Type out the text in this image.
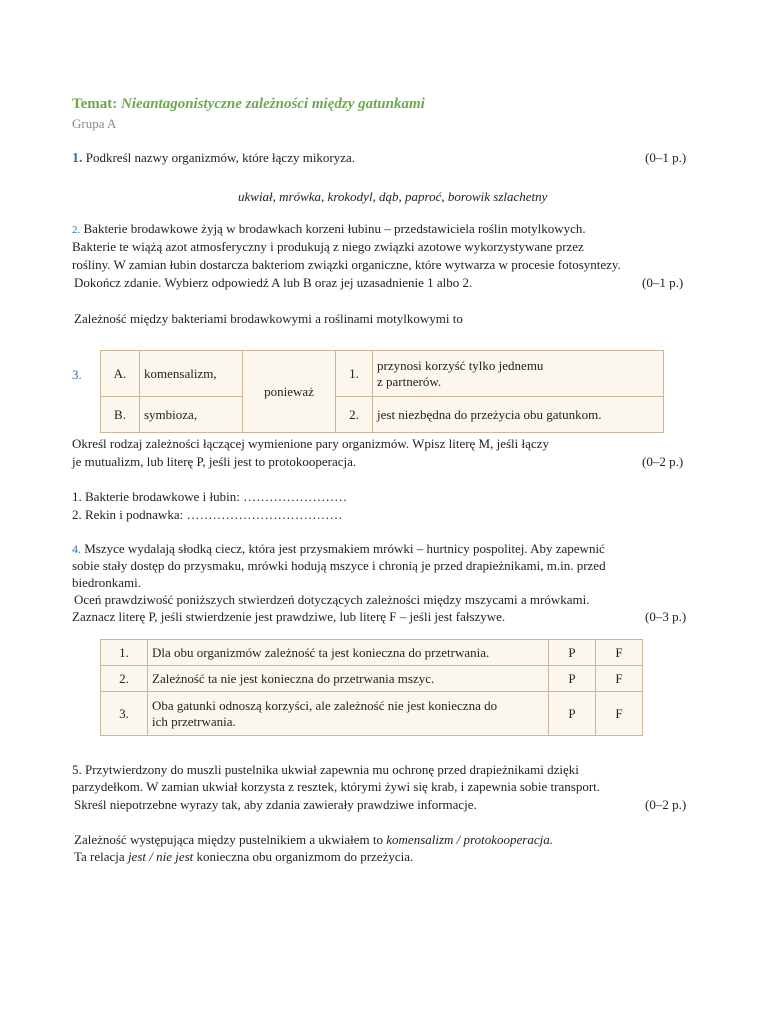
Temat: Nieantagonistyczne zależności między gatunkami
Grupa A
1. Podkreśl nazwy organizmów, które łączy mikoryza.	(0–1 p.)
ukwiał, mrówka, krokodyl, dąb, paproć, borowik szlachetny
2. Bakterie brodawkowe żyją w brodawkach korzeni łubinu – przedstawiciela roślin motylkowych.
Bakterie te wiążą azot atmosferyczny i produkują z niego związki azotowe wykorzystywane przez
rośliny. W zamian łubin dostarcza bakteriom związki organiczne, które wytwarza w procesie fotosyntezy.
Dokończ zdanie. Wybierz odpowiedź A lub B oraz jej uzasadnienie 1 albo 2.	(0–1 p.)
Zależność między bakteriami brodawkowymi a roślinami motylkowymi to
3. A.	komensalizm,	ponieważ	1.	przynosi korzyść tylko jednemu
z partnerów.

B.	symbioza,		2.	jest niezbędna do przeżycia obu gatunkom.
Określ rodzaj zależności łączącej wymienione pary organizmów. Wpisz literę M, jeśli łączy
je mutualizm, lub literę P, jeśli jest to protokooperacja.	(0–2 p.)
1. Bakterie brodawkowe i łubin: ……………………
2. Rekin i podnawka: ………………………………
4. Mszyce wydalają słodką ciecz, która jest przysmakiem mrówki – hurtnicy pospolitej. Aby zapewnić
sobie stały dostęp do przysmaku, mrówki hodują mszyce i chronią je przed drapieżnikami, m.in. przed
biedronkami.
Oceń prawdziwość poniższych stwierdzeń dotyczących zależności między mszycami a mrówkami.
Zaznacz literę P, jeśli stwierdzenie jest prawdziwe, lub literę F – jeśli jest fałszywe.	(0–3 p.)
1.	Dla obu organizmów zależność ta jest konieczna do przetrwania.	P	F
2.	Zależność ta nie jest konieczna do przetrwania mszyc.	P	F
3.	Oba gatunki odnoszą korzyści, ale zależność nie jest konieczna do
ich przetrwania.	P	F
5. Przytwierdzony do muszli pustelnika ukwiał zapewnia mu ochronę przed drapieżnikami dzięki
parzydełkom. W zamian ukwiał korzysta z resztek, którymi żywi się krab, i zapewnia sobie transport.
Skreśl niepotrzebne wyrazy tak, aby zdania zawierały prawdziwe informacje.	(0–2 p.)
Zależność występująca między pustelnikiem a ukwiałem to komensalizm / protokooperacja.
Ta relacja jest / nie jest konieczna obu organizmom do przeżycia.
